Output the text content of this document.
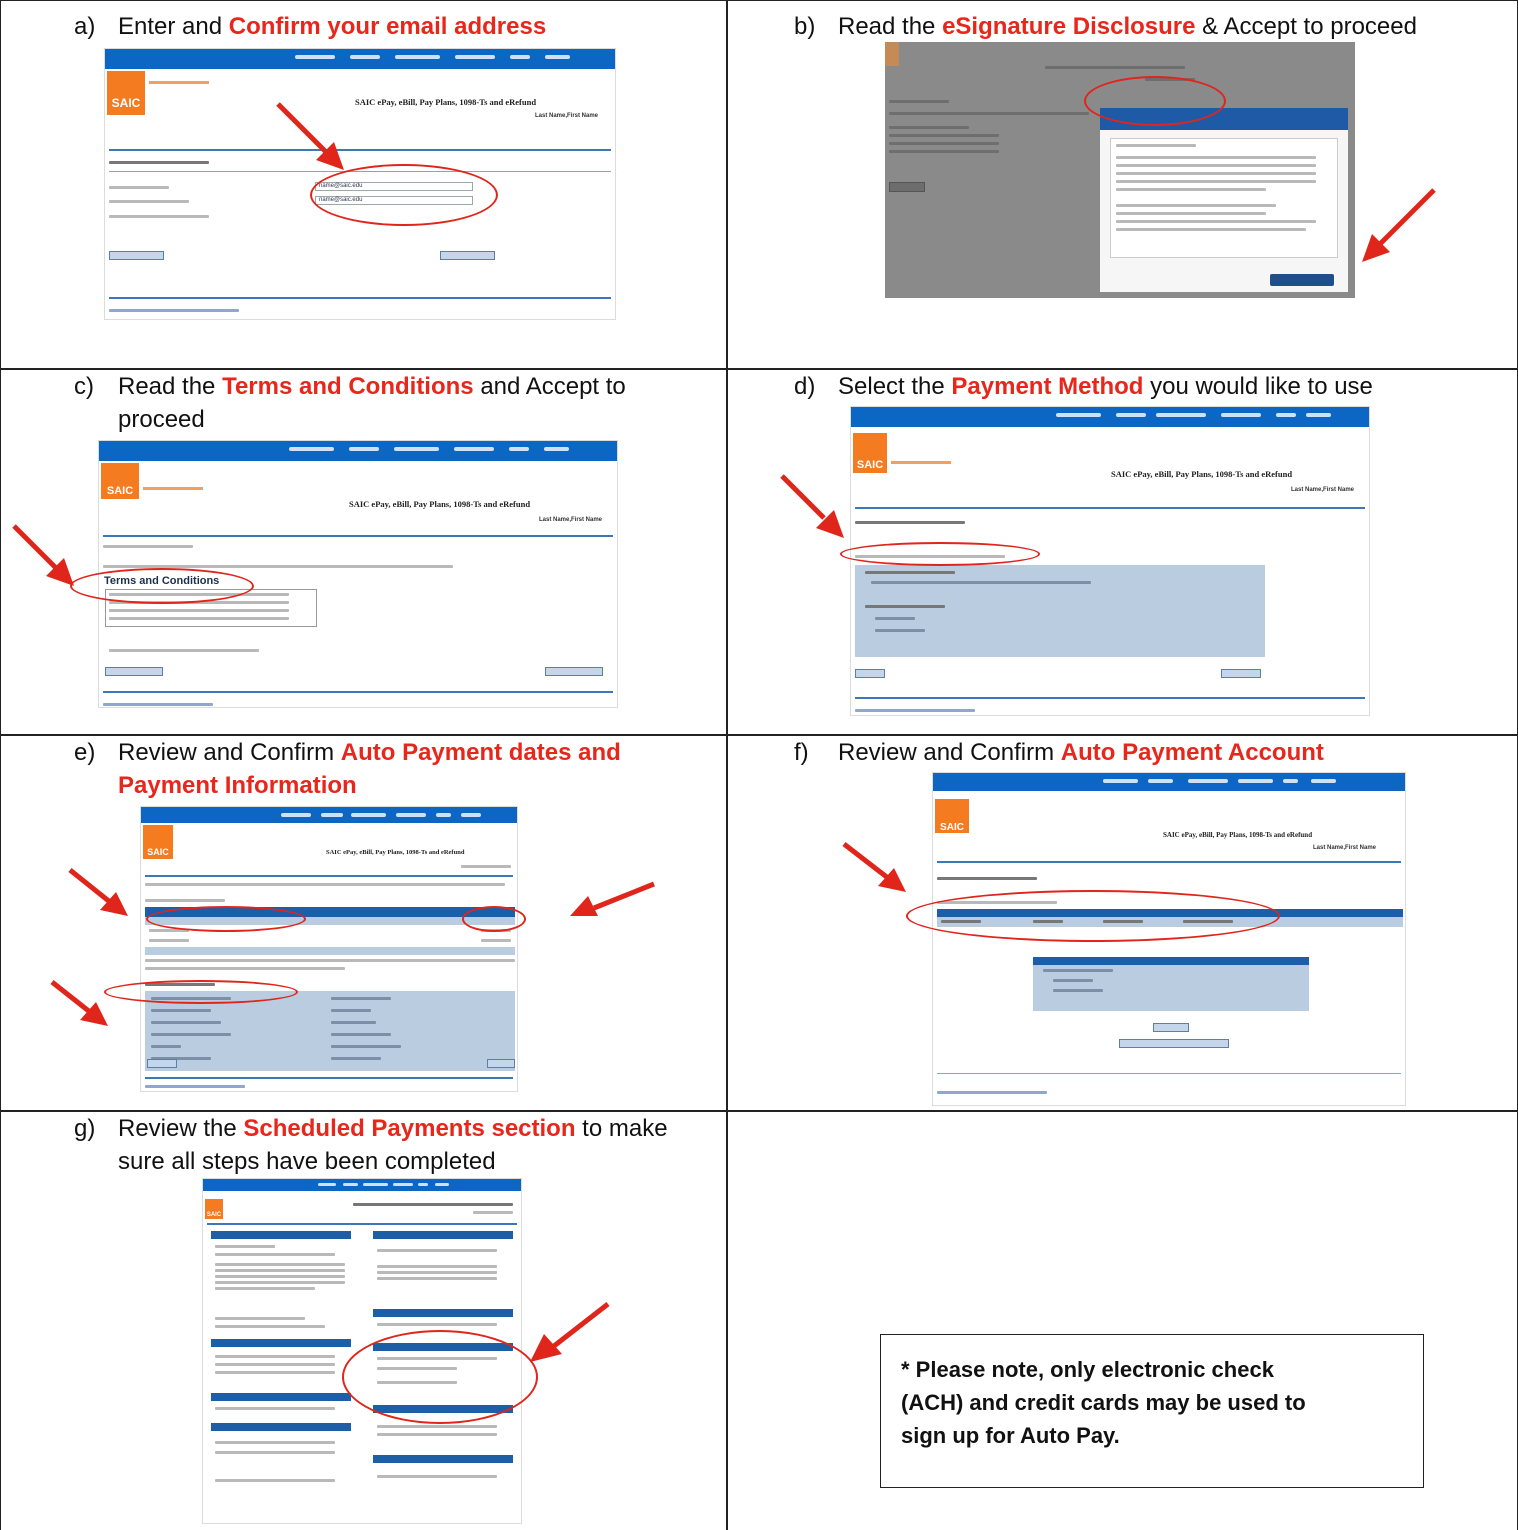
a) Enter and Confirm your email address	b) Read the eSignature Disclosure & Accept to proceed
c) Read the Terms and Conditions and Accept to
proceed
d) Select the Payment Method you would like to use
e) Review and Confirm Auto Payment dates and
Payment Information
f) Review and Confirm Auto Payment Account
g) Review the Scheduled Payments section to make
sure all steps have been completed
SAIC	SAIC ePay, eBill, Pay Plans, 1098-Ts and eRefund
Last Name,First Name
name@saic.edu
name@saic.edu
SAIC
SAIC ePay, eBill, Pay Plans, 1098-Ts and eRefund
Last Name,First Name
Terms and Conditions
SAIC
SAIC ePay, eBill, Pay Plans, 1098-Ts and eRefund
Last Name,First Name
SAIC	SAIC ePay, eBill, Pay Plans, 1098-Ts and eRefund
SAIC
SAIC ePay, eBill, Pay Plans, 1098-Ts and eRefund
Last Name,First Name
SAIC
* Please note, only electronic check
(ACH) and credit cards may be used to
sign up for Auto Pay.
